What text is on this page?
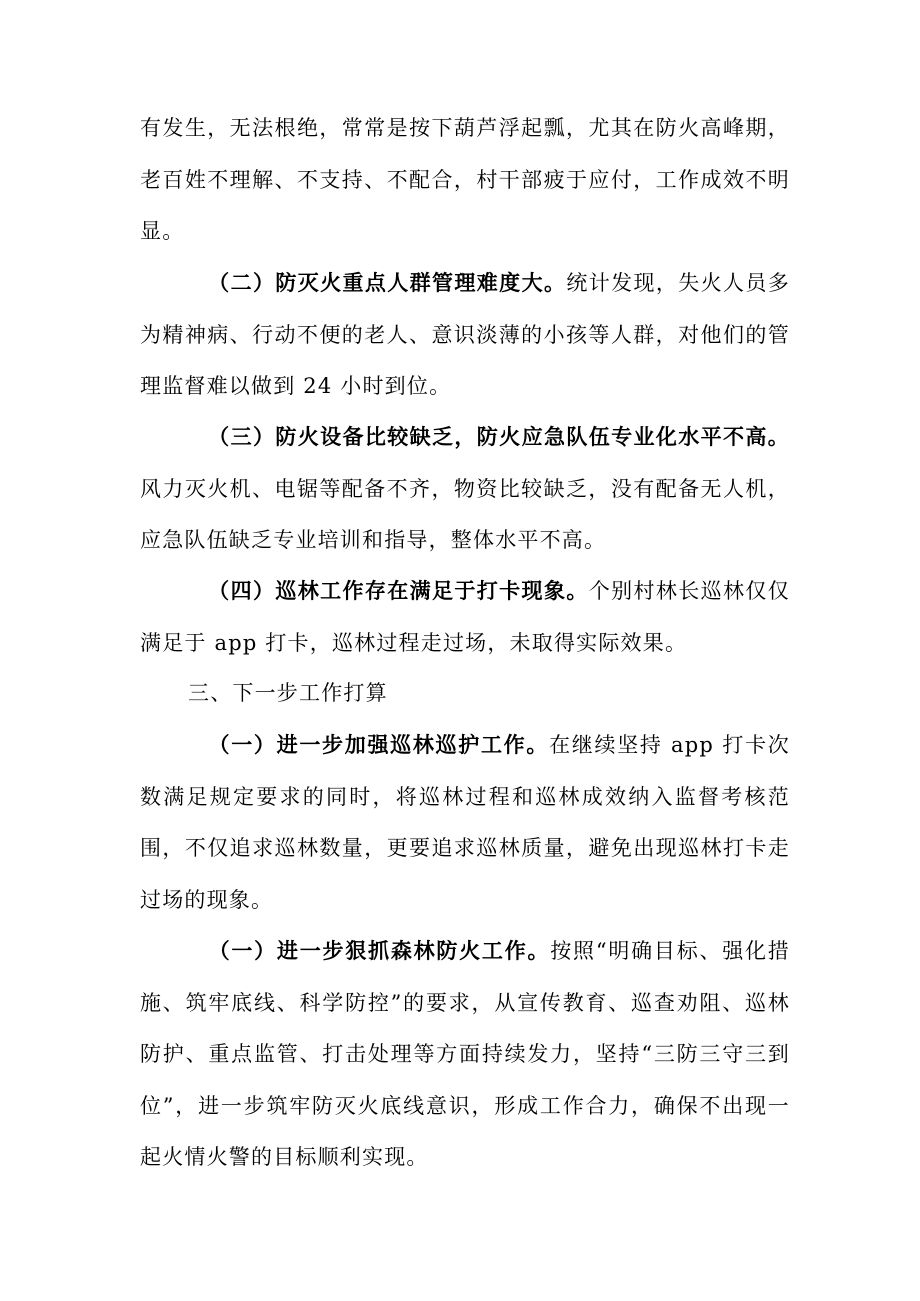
有发生，无法根绝，常常是按下葫芦浮起瓢，尤其在防火高峰期，老百姓不理解、不支持、不配合，村干部疲于应付，工作成效不明显。

（二）防灭火重点人群管理难度大。统计发现，失火人员多为精神病、行动不便的老人、意识淡薄的小孩等人群，对他们的管理监督难以做到 24 小时到位。

（三）防火设备比较缺乏，防火应急队伍专业化水平不高。风力灭火机、电锯等配备不齐，物资比较缺乏，没有配备无人机，应急队伍缺乏专业培训和指导，整体水平不高。

（四）巡林工作存在满足于打卡现象。个别村林长巡林仅仅满足于 app 打卡，巡林过程走过场，未取得实际效果。

三、下一步工作打算

（一）进一步加强巡林巡护工作。在继续坚持 app 打卡次数满足规定要求的同时，将巡林过程和巡林成效纳入监督考核范围，不仅追求巡林数量，更要追求巡林质量，避免出现巡林打卡走过场的现象。

（一）进一步狠抓森林防火工作。按照“明确目标、强化措施、筑牢底线、科学防控”的要求，从宣传教育、巡查劝阻、巡林防护、重点监管、打击处理等方面持续发力，坚持“三防三守三到位”，进一步筑牢防灭火底线意识，形成工作合力，确保不出现一起火情火警的目标顺利实现。
